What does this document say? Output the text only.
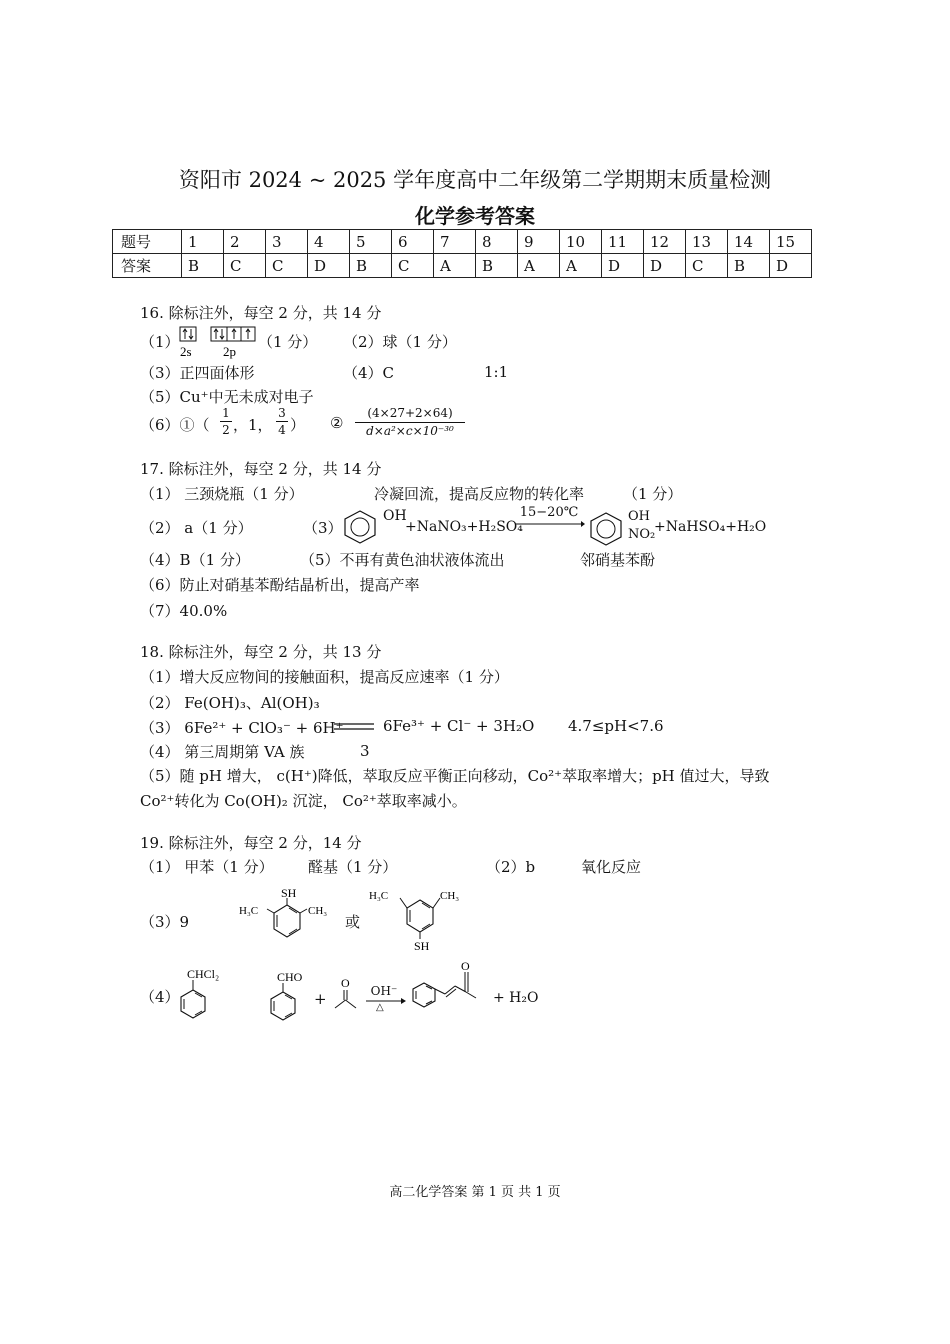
资阳市 2024 ~ 2025 学年度高中二年级第二学期期末质量检测
化学参考答案
题号	1	2	3	4	5	6	7	8	9	10	11	12	13	14	15
答案	B	C	C	D	B	C	A	B	A	A	D	D	C	B	D
16. 除标注外，每空 2 分，共 14 分
（1）
2s 2p
（1 分） （2）球（1 分）
（3）正四面体形	（4）C	1:1
（5）Cu⁺中无未成对电子
（6）①（
1
2 ，1，
3
4 ） ②
(4×27+2×64)
d×a²×c×10⁻³⁰
17. 除标注外，每空 2 分，共 14 分
（1） 三颈烧瓶（1 分）	冷凝回流，提高反应物的转化率	（1 分）
（2） a（1 分）	（3）
OH
+NaNO₃+H₂SO₄
15−20℃	OH
NO₂
+NaHSO₄+H₂O
（4）B（1 分）	（5）不再有黄色油状液体流出	邻硝基苯酚
（6）防止对硝基苯酚结晶析出，提高产率
（7）40.0%
18. 除标注外，每空 2 分，共 13 分
（1）增大反应物间的接触面积，提高反应速率（1 分）
（2） Fe(OH)₃、Al(OH)₃
（3） 6Fe²⁺ + ClO₃⁻ + 6H⁺	6Fe³⁺ + Cl⁻ + 3H₂O 4.7≤pH<7.6
（4） 第三周期第 VA 族	3
（5）随 pH 增大， c(H⁺)降低，萃取反应平衡正向移动，Co²⁺萃取率增大；pH 值过大，导致
Co²⁺转化为 Co(OH)₂ 沉淀， Co²⁺萃取率减小。
19. 除标注外，每空 2 分，14 分
（1） 甲苯（1 分） 醛基（1 分）	（2）b	氧化反应
（3）9
SH
H₃C	CH₃
或
H₃C	CH₃
SH
（4）
CHCl₂	CHO
+
O
OH⁻
△
O
+ H₂O
高二化学答案 第 1 页 共 1 页
